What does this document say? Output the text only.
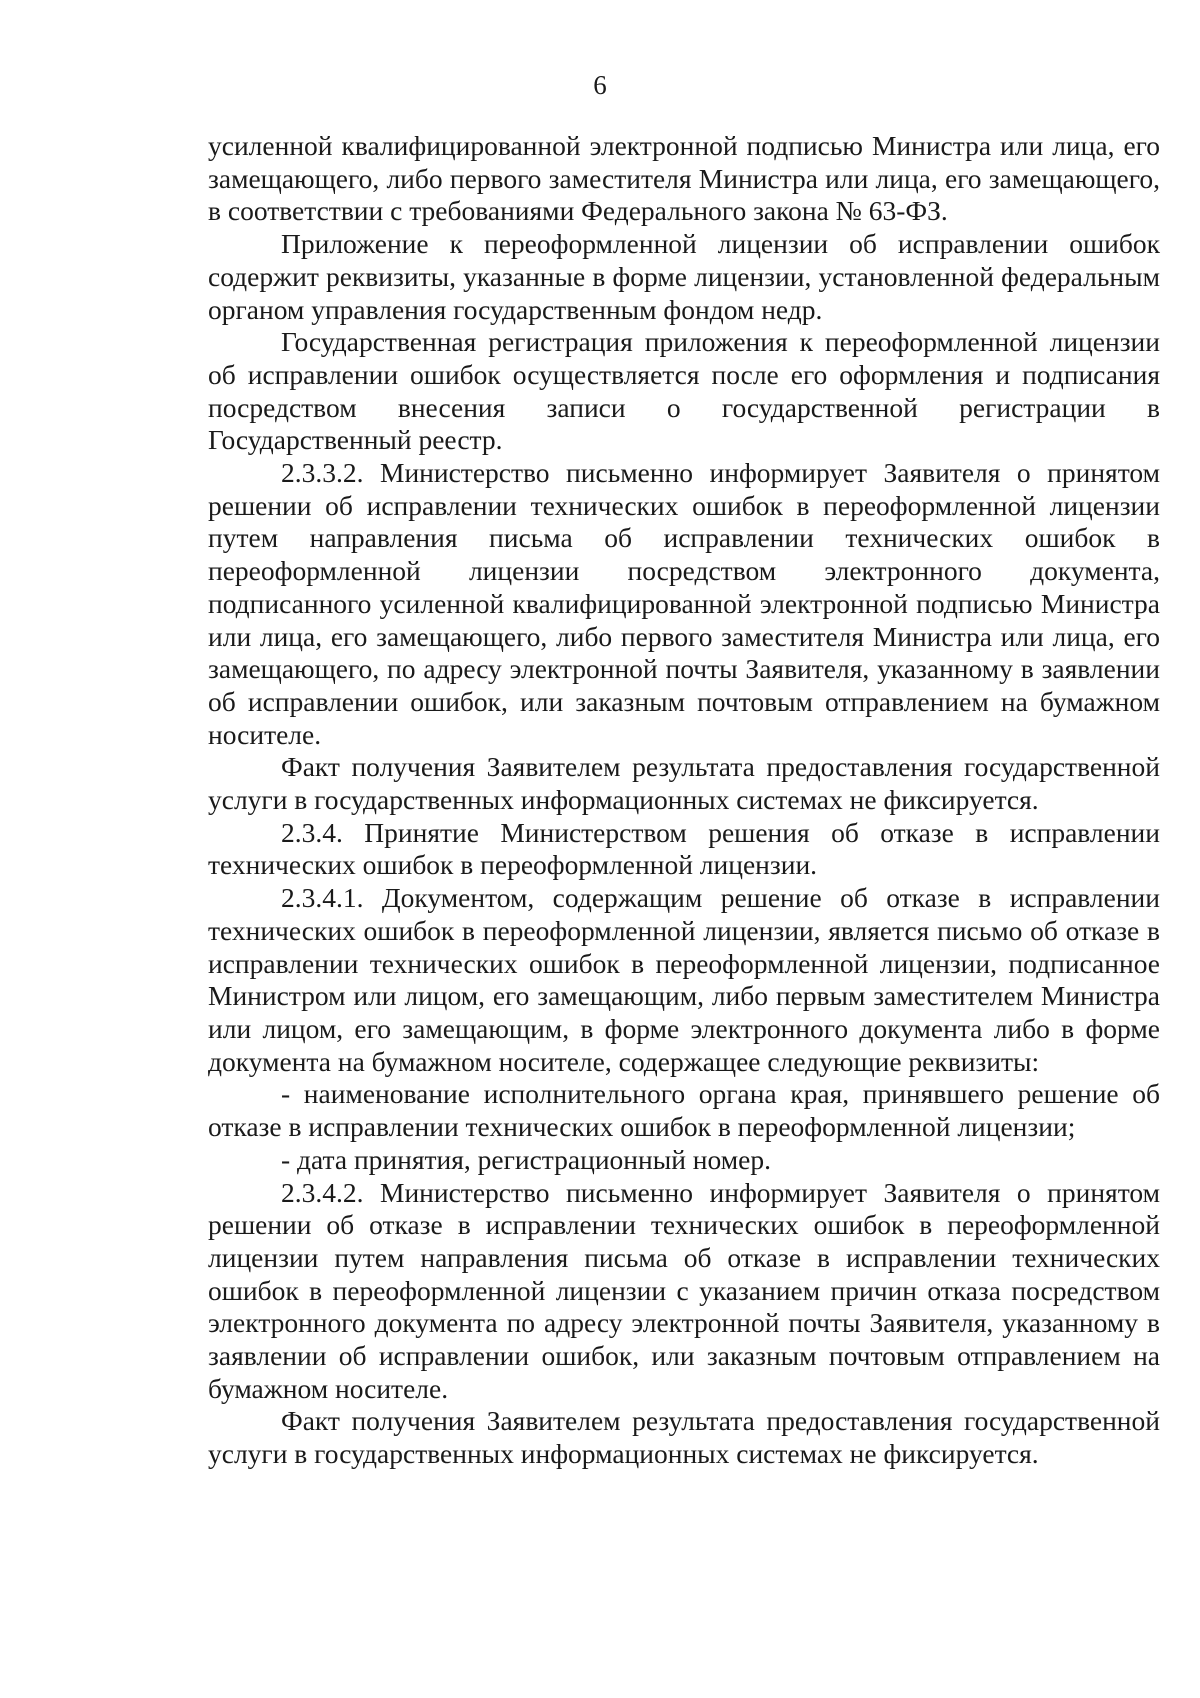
6

усиленной квалифицированной электронной подписью Министра или лица, его замещающего, либо первого заместителя Министра или лица, его замещающего, в соответствии с требованиями Федерального закона № 63-ФЗ.

Приложение к переоформленной лицензии об исправлении ошибок содержит реквизиты, указанные в форме лицензии, установленной федеральным органом управления государственным фондом недр.

Государственная регистрация приложения к переоформленной лицензии об исправлении ошибок осуществляется после его оформления и подписания посредством внесения записи о государственной регистрации в Государственный реестр.

2.3.3.2. Министерство письменно информирует Заявителя о принятом решении об исправлении технических ошибок в переоформленной лицензии путем направления письма об исправлении технических ошибок в переоформленной лицензии посредством электронного документа, подписанного усиленной квалифицированной электронной подписью Министра или лица, его замещающего, либо первого заместителя Министра или лица, его замещающего, по адресу электронной почты Заявителя, указанному в заявлении об исправлении ошибок, или заказным почтовым отправлением на бумажном носителе.

Факт получения Заявителем результата предоставления государственной услуги в государственных информационных системах не фиксируется.

2.3.4. Принятие Министерством решения об отказе в исправлении технических ошибок в переоформленной лицензии.

2.3.4.1. Документом, содержащим решение об отказе в исправлении технических ошибок в переоформленной лицензии, является письмо об отказе в исправлении технических ошибок в переоформленной лицензии, подписанное Министром или лицом, его замещающим, либо первым заместителем Министра или лицом, его замещающим, в форме электронного документа либо в форме документа на бумажном носителе, содержащее следующие реквизиты:

- наименование исполнительного органа края, принявшего решение об отказе в исправлении технических ошибок в переоформленной лицензии;

- дата принятия, регистрационный номер.

2.3.4.2. Министерство письменно информирует Заявителя о принятом решении об отказе в исправлении технических ошибок в переоформленной лицензии путем направления письма об отказе в исправлении технических ошибок в переоформленной лицензии с указанием причин отказа посредством электронного документа по адресу электронной почты Заявителя, указанному в заявлении об исправлении ошибок, или заказным почтовым отправлением на бумажном носителе.

Факт получения Заявителем результата предоставления государственной услуги в государственных информационных системах не фиксируется.
